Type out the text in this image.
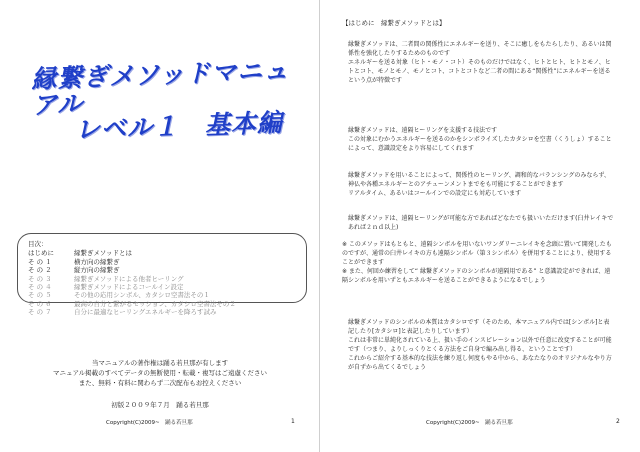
縁繋ぎメソッドマニュアル
レベル１　基本編
目次：
はじめに	縁繋ぎメソッドとは
そ の １	横方向の縁繋ぎ
そ の ２	縦方向の縁繋ぎ
そ の ３	縁繋ぎメソッドによる他者ヒーリング
そ の ４	縁繋ぎメソッドによるコールイン設定
そ の ５	その他の応用シンボル、カタシロ空書法その１
そ の ６	最高の自分と繋がるセッション、カタシロ空書法その２
そ の ７	自分に最適なヒーリングエネルギーを降ろす試み
当マニュアルの著作権は踊る若旦那が有します
マニュアル掲載のすべてデータの無断使用・転載・複写はご遠慮ください
また、無料・有料に関わらず二次配布もお控えください
初版２００９年７月　踊る若旦那
Copyright(C)2009~　踊る若旦那	1
【はじめに　縁繋ぎメソッドとは】

縁繋ぎメソッドは、二者間の関係性にエネルギーを送り、そこに癒しをもたらしたり、あるいは関係性を強化したりするためのものです

エネルギーを送る対象（ヒト・モノ・コト）そのものだけではなく、ヒトとヒト、ヒトとモノ、ヒトとコト、モノとモノ、モノとコト、コトとコトなど二者の間にある“関係性”にエネルギーを送るという点が特徴です

縁繋ぎメソッドは、遠隔ヒーリングを支援する技法です

この対象にむかうエネルギーを送るのかをシンボライズしたカタシロを空書（くうしょ）することによって、意識設定をより容易にしてくれます

縁繋ぎメソッドを用いることによって、関係性のヒーリング、調和的なバランシングのみならず、神仏や各種エネルギーとのアチューンメントまでをも可能にすることができます

リアルタイム、あるいはコールインでの設定にも対応しています

縁繋ぎメソッドは、遠隔ヒーリングが可能な方であればどなたでも扱いいただけます(臼井レイキであれば２ｎｄ以上)

※ このメソッドはもともと、遠隔シンボルを用いないワンダリーニレイキを念頭に置いて開発したものですが、通常の臼井レイキの方も遠隔シンボル（第３シンボル）を併用することにより、使用することができます

※ また、何回か練習をして“ 縁繋ぎメソッドのシンボルが遠隔用である” と意識設定ができれば、遠隔シンボルを用いずともエネルギーを送ることができるようになるでしょう

縁繋ぎメソッドのシンボルの本質はカタシロです（そのため、本マニュアル内では[シンボル]と表記したり[カタシロ]と表記したりしています）

これは非常に単純化されている上、扱い手のインスピレーション以外で任意に改変することが可能です（つまり、よりしっくりとくる方法をご自身で編み出し得る、ということです）

これからご紹介する基本的な技法を練り返し何度もやる中から、あなたなりのオリジナルなやり方が自ずから出てくるでしょう

Copyright(C)2009~　踊る若旦那	2
